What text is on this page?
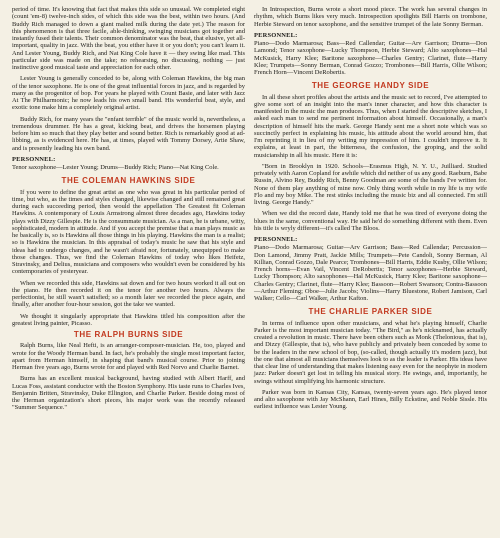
period of time. It's knowing that fact that makes this side so unusual. We completed eight (count 'em-8) twelve-inch sides, of which this side was the best, within two hours. (And Buddy Rich managed to down a giant malted milk during the date yet.) The reason for this phenomenon is that three facile, able-thinking, swinging musicians got together and instantly fused their talents. Their common denominator was the beat, that elusive, yet all-important, quality in jazz. With the beat, you either have it or you don't; you can't learn it. And Lester Young, Buddy Rich, and Nat King Cole have it — they swing like mad. This particular side was made on the take; no rehearsing, no discussing, nothing — just instinctive good musical taste and appreciation for each other.

Lester Young is generally conceded to be, along with Coleman Hawkins, the big man of the tenor saxophone. He is one of the great influential forces in jazz, and is regarded by many as the progenitor of bop. For years he played with Count Basie, and later with Jazz At The Philharmonic; he now leads his own small band. His wonderful beat, style, and exotic tone make him a completely original artist.

Buddy Rich, for many years the "enfant terrible" of the music world is, nevertheless, a tremendous drummer. He has a great, kicking beat, and drives the horsemen playing before him so much that they play better and sound better. Rich is remarkably good at ad-libbing, as is evidenced here. He has, at times, played with Tommy Dorsey, Artie Shaw, and is presently leading his own band.

PERSONNEL:

Tenor saxophone—Lester Young; Drums—Buddy Rich; Piano—Nat King Cole.

THE COLEMAN HAWKINS SIDE

If you were to define the great artist as one who was great in his particular period of time, but who, as the times and styles changed, likewise changed and still remained great during each succeeding period, then would the appellation The Greatest fit Coleman Hawkins. A contemporary of Louis Armstrong almost three decades ago, Hawkins today plays with Dizzy Gillespie. He is the consummate musician. As a man, he is urbane, witty, sophisticated, modern in attitude. And if you accept the premise that a man plays music as he basically is, so is Hawkins all those things in his playing. Hawkins the man is a realist; so is Hawkins the musician. In this appraisal of today's music he saw that his style and ideas had to undergo changes, and he wasn't afraid nor, fortunately, unequipped to make those changes. Thus, we find the Coleman Hawkins of today who likes Heifetz, Stravinsky, and Delius, musicians and composers who wouldn't even be considered by his contemporaries of yesteryear.

When we recorded this side, Hawkins sat down and for two hours worked it all out on the piano. He then recorded it on the tenor for another two hours. Always the perfectionist, he still wasn't satisfied; so a month later we recorded the piece again, and finally, after another four-hour session, got the take we wanted.

We thought it singularly appropriate that Hawkins titled his composition after the greatest living painter, Picasso.

THE RALPH BURNS SIDE

Ralph Burns, like Neal Hefti, is an arranger-composer-musician. He, too, played and wrote for the Woody Herman band. In fact, he's probably the single most important factor, apart from Herman himself, in shaping that band's musical course. Prior to joining Herman five years ago, Burns wrote for and played with Red Norvo and Charlie Barnet.

Burns has an excellent musical background, having studied with Albert Harff, and Lucas Foss, assistant conductor with the Boston Symphony. His taste runs to Charles Ives, Benjamin Britten, Stravinsky, Duke Ellington, and Charlie Parker. Beside doing most of the Herman organization's short pieces, his major work was the recently released "Summer Sequence."

In Introspection, Burns wrote a short mood piece. The work has several changes in rhythm, which Burns likes very much. Introspection spotlights Bill Harris on trombone, Herbie Steward on tenor saxophone, and the sensitive trumpet of the late Sonny Berman.

PERSONNEL:

Piano—Dodo Marmarosa; Bass—Red Callendar; Guitar—Arv Garrison; Drums—Don Lamond; Tenor saxophone—Lucky Thompson, Herbie Steward; Alto saxophones—Hal McKusick, Harry Klee; Baritone saxophone—Charles Gentry; Clarinet, flute—Harry Klee; Trumpets—Sonny Berman, Conrad Gozzo; Trombones—Bill Harris, Ollie Wilson; French Horn—Vincent DeRobertis.

THE GEORGE HANDY SIDE

In all these short profiles about the artists and the music set to record, I've attempted to give some sort of an insight into the man's inner character, and how this character is manifested in the music the man produces. Thus, when I started the descriptive sketches, I asked each man to send me pertinent information about himself. Occasionally, a man's description of himself hits the mark. George Handy sent me a short note which was so succinctly perfect in explaining his music, his attitude about the world around him, that I'm reprinting it in lieu of my writing my impression of him. I couldn't improve it. It explains, at least in part, the bitterness, the confusion, the groping, and the solid musicianship in all his music. Here it is:

"Born in Brooklyn in 1920. Schools—Erasmus High, N. Y. U., Juilliard. Studied privately with Aaron Copland for awhile which did neither of us any good. Raeburn, Babe Russin, Alvino Rey, Buddy Rich, Benny Goodman are some of the bands I've written for. None of them play anything of mine now. Only thing worth while in my life is my wife Flo and my boy Mike. The rest stinks including the music biz and all connected. I'm still living. George Handy."

When we did the record date, Handy told me that he was tired of everyone doing the blues in the same, conventional way. He said he'd do something different with them. Even his title is wryly different—it's called The Bloos.

PERSONNEL:

Piano—Dodo Marmarosa; Guitar—Arv Garrison; Bass—Red Callendar; Percussion—Don Lamond, Jimmy Pratt, Jackie Mills; Trumpets—Pete Candoli, Sonny Berman, Al Killian, Conrad Gozzo, Dale Pearce; Trombones—Bill Harris, Eddie Kusby, Ollie Wilson; French horns—Evan Vail, Vincent DeRobertis; Tenor saxophones—Herbie Steward, Lucky Thompson; Alto saxophones—Hal McKusick, Harry Klee; Baritone saxophone—Charles Gentry; Clarinet, flute—Harry Klee; Bassoon—Robert Swanson; Contra-Bassoon—Arthur Fleming; Oboe—Julie Jacobs; Violins—Harry Bluestone, Robert Jamison, Carl Walker; Cello—Carl Walker, Arthur Kafton.

THE CHARLIE PARKER SIDE

In terms of influence upon other musicians, and what he's playing himself, Charlie Parker is the most important musician today. "The Bird," as he's nicknamed, has actually created a revolution in music. There have been others such as Monk (Thelonious, that is), and Dizzy (Gillespie, that is), who have publicly and privately been conceded by some to be the leaders in the new school of bop, (so-called, though actually it's modern jazz), but the one that almost all musicians themselves look to as the leader is Parker. His ideas have that clear line of understanding that makes listening easy even for the neophyte in modern jazz: Parker doesn't get lost in telling his musical story. He swings, and, importantly, he swings without simplifying his harmonic structure.

Parker was born in Kansas City, Kansas, twenty-seven years ago. He's played tenor and alto saxophone with Jay McShann, Earl Hines, Billy Eckstine, and Noble Sissle. His earliest influence was Lester Young.
